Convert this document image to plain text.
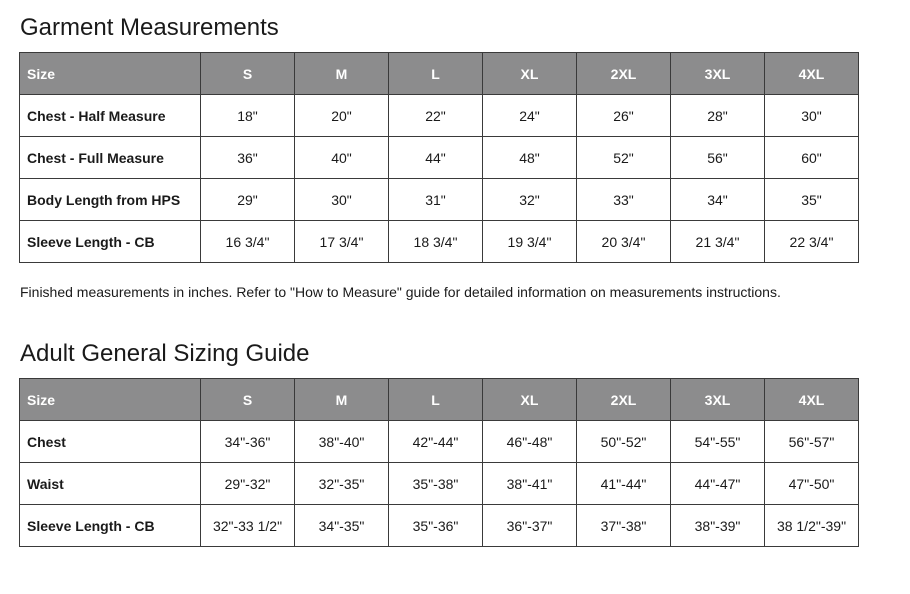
Garment Measurements
Size	S	M	L	XL	2XL	3XL	4XL
Chest - Half Measure	18"	20"	22"	24"	26"	28"	30"
Chest - Full Measure	36"	40"	44"	48"	52"	56"	60"
Body Length from HPS	29"	30"	31"	32"	33"	34"	35"
Sleeve Length - CB	16 3/4"	17 3/4"	18 3/4"	19 3/4"	20 3/4"	21 3/4"	22 3/4"

Finished measurements in inches. Refer to "How to Measure" guide for detailed information on measurements instructions.

Adult General Sizing Guide
Size	S	M	L	XL	2XL	3XL	4XL
Chest	34"-36"	38"-40"	42"-44"	46"-48"	50"-52"	54"-55"	56"-57"
Waist	29"-32"	32"-35"	35"-38"	38"-41"	41"-44"	44"-47"	47"-50"
Sleeve Length - CB	32"-33 1/2"	34"-35"	35"-36"	36"-37"	37"-38"	38"-39"	38 1/2"-39"
